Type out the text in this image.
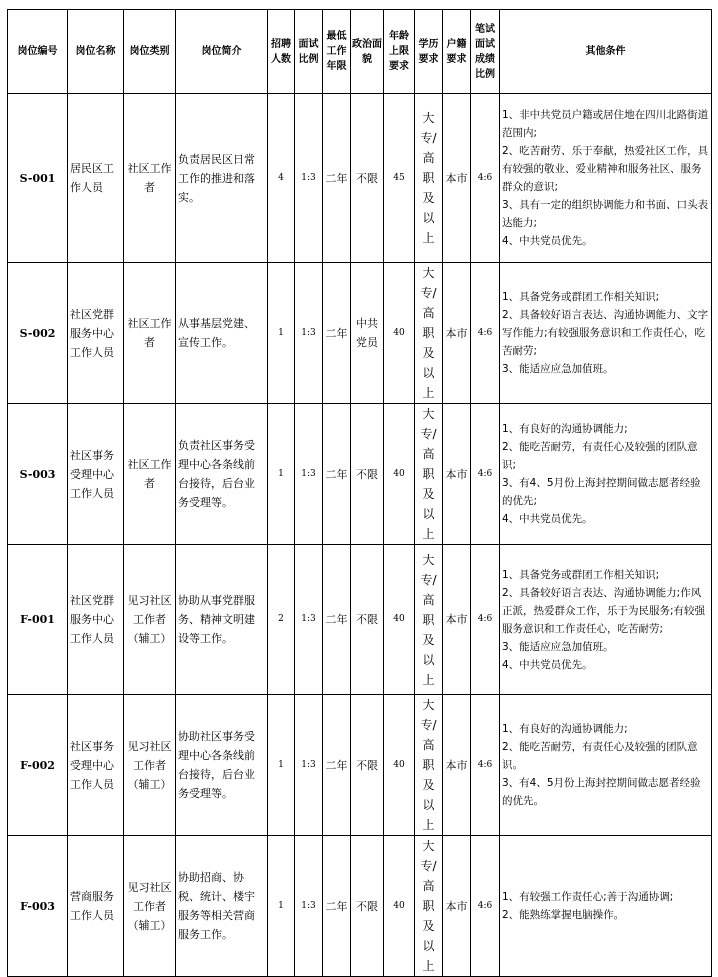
岗位编号	岗位名称	岗位类别	岗位简介	招聘人数	面试比例	最低工作年限	政治面貌	年龄上限要求	学历要求	户籍要求	笔试面试成绩比例	其他条件
S-001	居民区工作人员	社区工作者	负责居民区日常工作的推进和落实。	4	1:3	二年	不限	45	大专/高职及以上	本市	4:6	1、非中共党员户籍或居住地在四川北路街道范围内;
2、吃苦耐劳、乐于奉献，热爱社区工作，具有较强的敬业、爱业精神和服务社区、服务群众的意识;
3、具有一定的组织协调能力和书面、口头表达能力;
4、中共党员优先。

S-002	社区党群服务中心工作人员	社区工作者	从事基层党建、宣传工作。	1	1:3	二年	中共党员	40	大专/高职及以上	本市	4:6	1、具备党务或群团工作相关知识;
2、具备较好语言表达、沟通协调能力、文字写作能力;有较强服务意识和工作责任心，吃苦耐劳;
3、能适应应急加值班。

S-003	社区事务受理中心工作人员	社区工作者	负责社区事务受理中心各条线前台接待，后台业务受理等。	1	1:3	二年	不限	40	大专/高职及以上	本市	4:6	1、有良好的沟通协调能力;
2、能吃苦耐劳，有责任心及较强的团队意识;
3、有4、5月份上海封控期间做志愿者经验的优先;
4、中共党员优先。

F-001	社区党群服务中心工作人员	见习社区工作者（辅工）	协助从事党群服务、精神文明建设等工作。	2	1:3	二年	不限	40	大专/高职及以上	本市	4:6	1、具备党务或群团工作相关知识;
2、具备较好语言表达、沟通协调能力;作风正派，热爱群众工作，乐于为民服务;有较强服务意识和工作责任心，吃苦耐劳;
3、能适应应急加值班。
4、中共党员优先。

F-002	社区事务受理中心工作人员	见习社区工作者（辅工）	协助社区事务受理中心各条线前台接待，后台业务受理等。	1	1:3	二年	不限	40	大专/高职及以上	本市	4:6	1、有良好的沟通协调能力;
2、能吃苦耐劳，有责任心及较强的团队意识。
3、有4、5月份上海封控期间做志愿者经验的优先。

F-003	营商服务工作人员	见习社区工作者（辅工）	协助招商、协税、统计、楼宇服务等相关营商服务工作。	1	1:3	二年	不限	40	大专/高职及以上	本市	4:6	1、有较强工作责任心;善于沟通协调;
2、能熟练掌握电脑操作。
